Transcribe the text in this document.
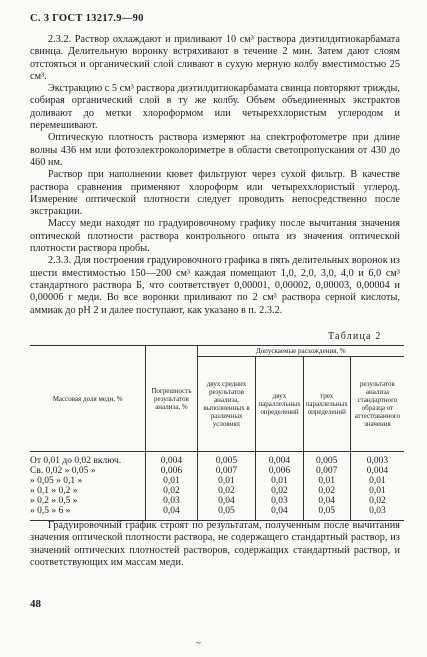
С. 3 ГОСТ 13217.9—90

2.3.2. Раствор охлаждают и приливают 10 см³ раствора диэтилдитиокарбамата свинца. Делительную воронку встряхивают в течение 2 мин. Затем дают слоям отстояться и органический слой сливают в сухую мерную колбу вместимостью 25 см³.

Экстракцию с 5 см³ раствора диэтилдитиокарбамата свинца повторяют трижды, собирая органический слой в ту же колбу. Объем объединенных экстрактов доливают до метки хлороформом или четыреххлористым углеродом и перемешивают.

Оптическую плотность раствора измеряют на спектрофотометре при длине волны 436 нм или фотоэлектроколориметре в области светопропускания от 430 до 460 нм.

Раствор при наполнении кювет фильтруют через сухой фильтр. В качестве раствора сравнения применяют хлороформ или четыреххлористый углерод. Измерение оптической плотности следует проводить непосредственно после экстракции.

Массу меди находят по градуировочному графику после вычитания значения оптической плотности раствора контрольного опыта из значения оптической плотности раствора пробы.

2.3.3. Для построения градуировочного графика в пять делительных воронок из шести вместимостью 150—200 см³ каждая помещают 1,0, 2,0, 3,0, 4,0 и 6,0 см³ стандартного раствора Б, что соответствует 0,00001, 0,00002, 0,00003, 0,00004 и 0,00006 г меди. Во все воронки приливают по 2 см³ раствора серной кислоты, аммиак до рН 2 и далее поступают, как указано в п. 2.3.2.

Таблица 2
Массовая доля меди, %	Погрешность результатов анализа, %	Допускаемые расхождения, %			
		двух средних результатов анализа, выполненных в различных условиях	двух параллельных определений	трех параллельных определений	результатов анализа стандартного образца от аттестованного значения
От 0,01 до 0,02 включ.	0,004	0,005	0,004	0,005	0,003
Св. 0,02 » 0,05 »	0,006	0,007	0,006	0,007	0,004
» 0,05 » 0,1 »	0,01	0,01	0,01	0,01	0,01
» 0,1 » 0,2 »	0,02	0,02	0,02	0,02	0,01
» 0,2 » 0,5 »	0,03	0,04	0,03	0,04	0,02
» 0,5 » 6 »	0,04	0,05	0,04	0,05	0,03

Градуировочный график строят по результатам, полученным после вычитания значения оптической плотности раствора, не содержащего стандартный раствор, из значений оптических плотностей растворов, содержащих стандартный раствор, и соответствующих им массам меди.

48
~
